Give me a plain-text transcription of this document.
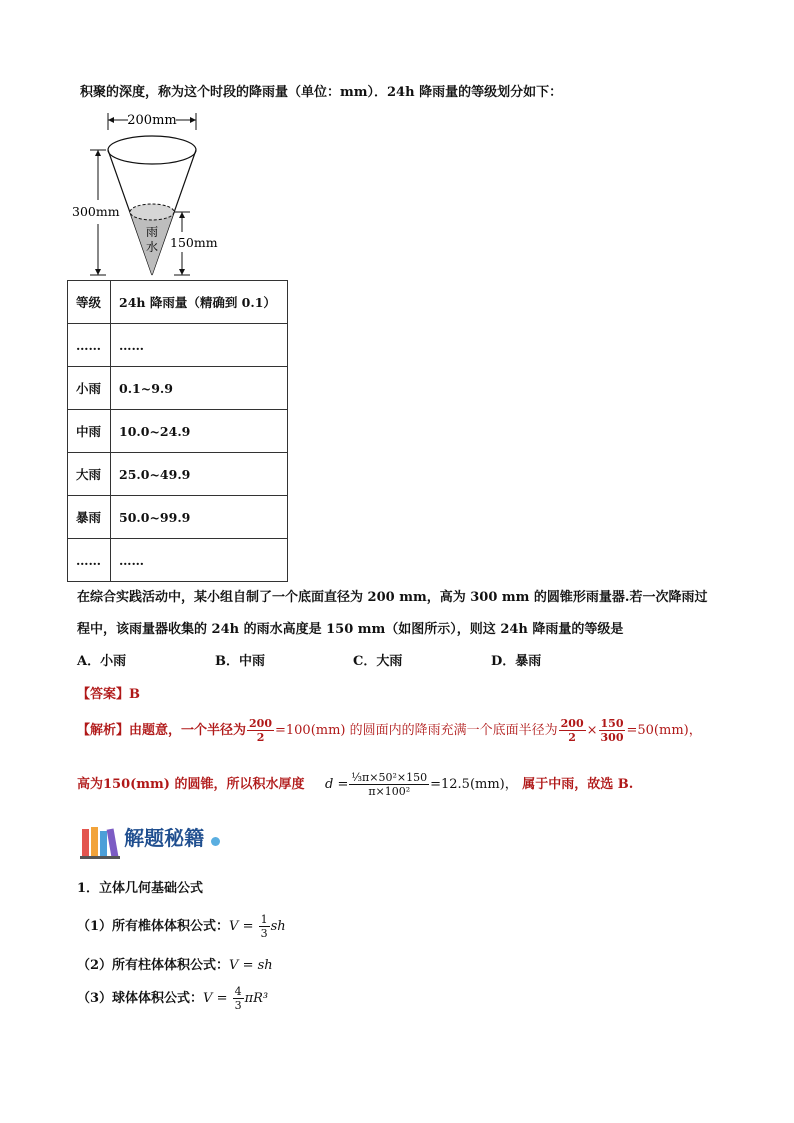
积聚的深度，称为这个时段的降雨量（单位：mm）．24h 降雨量的等级划分如下：
200mm
雨
水
300mm
150mm
等级	24h 降雨量（精确到 0.1）
……	……
小雨	0.1~9.9
中雨	10.0~24.9
大雨	25.0~49.9
暴雨	50.0~99.9
……	……
在综合实践活动中，某小组自制了一个底面直径为 200 mm，高为 300 mm 的圆锥形雨量器.若一次降雨过
程中，该雨量器收集的 24h 的雨水高度是 150 mm（如图所示），则这 24h 降雨量的等级是
A．小雨	B．中雨	C．大雨	D．暴雨
【答案】B
【解析】由题意，一个半径为 $\frac{200}{2} =100(mm)$ 的圆面内的降雨充满一个底面半径为 $\frac{200}{2} \times \frac{150}{300} =50(mm)$，
高为150(mm) 的圆锥，所以积水厚度 $d = \frac{\text{⅓π×50²×150}}{\text{π×100²}} =12.5(mm)$， 属于中雨，故选 B.
解题秘籍
1．立体几何基础公式
（1）所有椎体体积公式：$V = \frac{1}{3}$ sh
（2）所有柱体体积公式：V = sh
（3）球体体积公式：$V = \frac{4}{3} \pi R^3$
